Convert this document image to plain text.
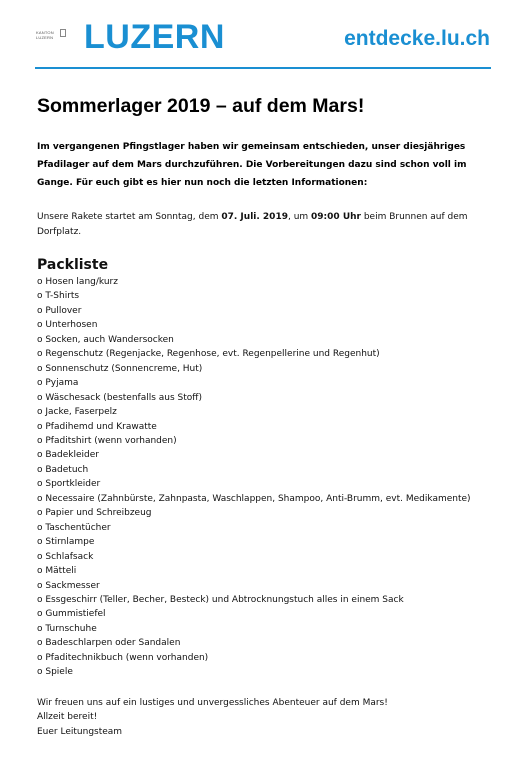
KANTON
LUZERN LUZERN	entdecke.lu.ch
Sommerlager 2019 – auf dem Mars!

Im vergangenen Pfingstlager haben wir gemeinsam entschieden, unser diesjähriges Pfadilager auf dem Mars durchzuführen. Die Vorbereitungen dazu sind schon voll im Gange. Für euch gibt es hier nun noch die letzten Informationen:

Unsere Rakete startet am Sonntag, dem 07. Juli. 2019, um 09:00 Uhr beim Brunnen auf dem Dorfplatz.

Packliste
o Hosen lang/kurz
o T-Shirts
o Pullover
o Unterhosen
o Socken, auch Wandersocken
o Regenschutz (Regenjacke, Regenhose, evt. Regenpellerine und Regenhut)
o Sonnenschutz (Sonnencreme, Hut)
o Pyjama
o Wäschesack (bestenfalls aus Stoff)
o Jacke, Faserpelz
o Pfadihemd und Krawatte
o Pfaditshirt (wenn vorhanden)
o Badekleider
o Badetuch
o Sportkleider
o Necessaire (Zahnbürste, Zahnpasta, Waschlappen, Shampoo, Anti-Brumm, evt. Medikamente)
o Papier und Schreibzeug
o Taschentücher
o Stirnlampe
o Schlafsack
o Mätteli
o Sackmesser
o Essgeschirr (Teller, Becher, Besteck) und Abtrocknungstuch alles in einem Sack
o Gummistiefel
o Turnschuhe
o Badeschlarpen oder Sandalen
o Pfaditechnikbuch (wenn vorhanden)
o Spiele

Wir freuen uns auf ein lustiges und unvergessliches Abenteuer auf dem Mars!

Allzeit bereit!

Euer Leitungsteam
